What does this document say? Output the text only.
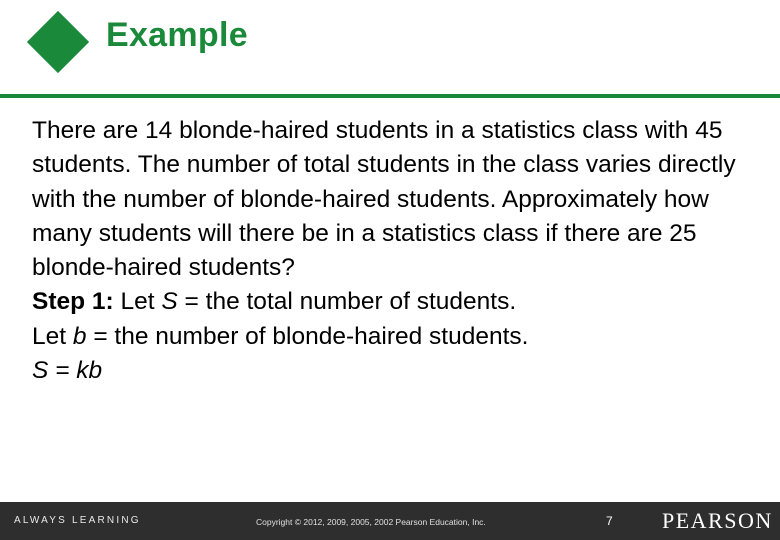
Example

There are 14 blonde-haired students in a statistics class with 45 students. The number of total students in the class varies directly with the number of blonde-haired students. Approximately how many students will there be in a statistics class if there are 25 blonde-haired students?

Step 1: Let S = the total number of students.

Let b = the number of blonde-haired students.

S = kb

ALWAYS LEARNING	Copyright © 2012, 2009, 2005, 2002 Pearson Education, Inc.	7 PEARSON
